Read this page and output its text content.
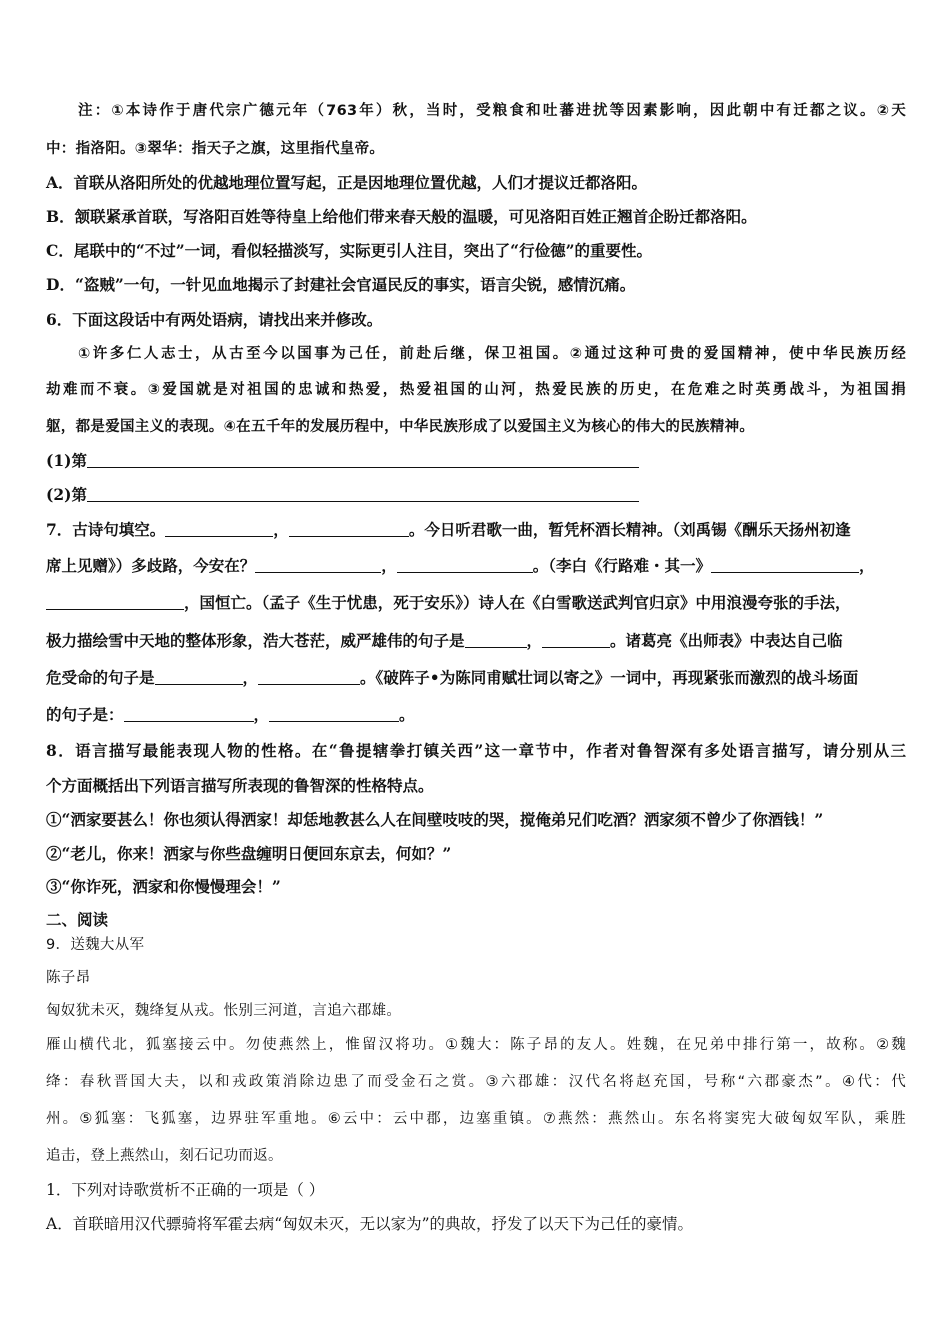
注：①本诗作于唐代宗广德元年（763年）秋，当时，受粮食和吐蕃进扰等因素影响，因此朝中有迁都之议。②天
中：指洛阳。③翠华：指天子之旗，这里指代皇帝。
A．首联从洛阳所处的优越地理位置写起，正是因地理位置优越，人们才提议迁都洛阳。
B．颔联紧承首联，写洛阳百姓等待皇上给他们带来春天般的温暖，可见洛阳百姓正翘首企盼迁都洛阳。
C．尾联中的“不过”一词，看似轻描淡写，实际更引人注目，突出了“行俭德”的重要性。
D．“盗贼”一句，一针见血地揭示了封建社会官逼民反的事实，语言尖锐，感情沉痛。
6．下面这段话中有两处语病，请找出来并修改。
①许多仁人志士，从古至今以国事为己任，前赴后继，保卫祖国。②通过这种可贵的爱国精神，使中华民族历经
劫难而不衰。③爱国就是对祖国的忠诚和热爱，热爱祖国的山河，热爱民族的历史，在危难之时英勇战斗，为祖国捐
躯，都是爱国主义的表现。④在五千年的发展历程中，中华民族形成了以爱国主义为核心的伟大的民族精神。
(1)第
(2)第
7．古诗句填空。	，	。今日听君歌一曲，暂凭杯酒长精神。（刘禹锡《酬乐天扬州初逢
席上见赠》）多歧路，今安在？	，	。（李白《行路难・其一》	，
，国恒亡。（孟子《生于忧患，死于安乐》）诗人在《白雪歌送武判官归京》中用浪漫夸张的手法，
极力描绘雪中天地的整体形象，浩大苍茫，威严雄伟的句子是	，	。诸葛亮《出师表》中表达自己临
危受命的句子是	，	。《破阵子•为陈同甫赋壮词以寄之》一词中，再现紧张而激烈的战斗场面
的句子是：	，	。
8．语言描写最能表现人物的性格。在“鲁提辖拳打镇关西”这一章节中，作者对鲁智深有多处语言描写，请分别从三
个方面概括出下列语言描写所表现的鲁智深的性格特点。
①“洒家要甚么！你也须认得洒家！却恁地教甚么人在间壁吱吱的哭，搅俺弟兄们吃酒？洒家须不曾少了你酒钱！”
②“老儿，你来！洒家与你些盘缠明日便回东京去，何如？”
③“你诈死，洒家和你慢慢理会！”
二、阅读
9．送魏大从军
陈子昂
匈奴犹未灭，魏绛复从戎。怅别三河道，言追六郡雄。
雁山横代北，狐塞接云中。勿使燕然上，惟留汉将功。①魏大：陈子昂的友人。姓魏，在兄弟中排行第一，故称。②魏
绛：春秋晋国大夫，以和戎政策消除边患了而受金石之赏。③六郡雄：汉代名将赵充国，号称“六郡豪杰”。④代：代
州。⑤狐塞：飞狐塞，边界驻军重地。⑥云中：云中郡，边塞重镇。⑦燕然：燕然山。东名将窦宪大破匈奴军队，乘胜
追击，登上燕然山，刻石记功而返。
1．下列对诗歌赏析不正确的一项是（ ）
A．首联暗用汉代骠骑将军霍去病“匈奴未灭，无以家为”的典故，抒发了以天下为己任的豪情。
